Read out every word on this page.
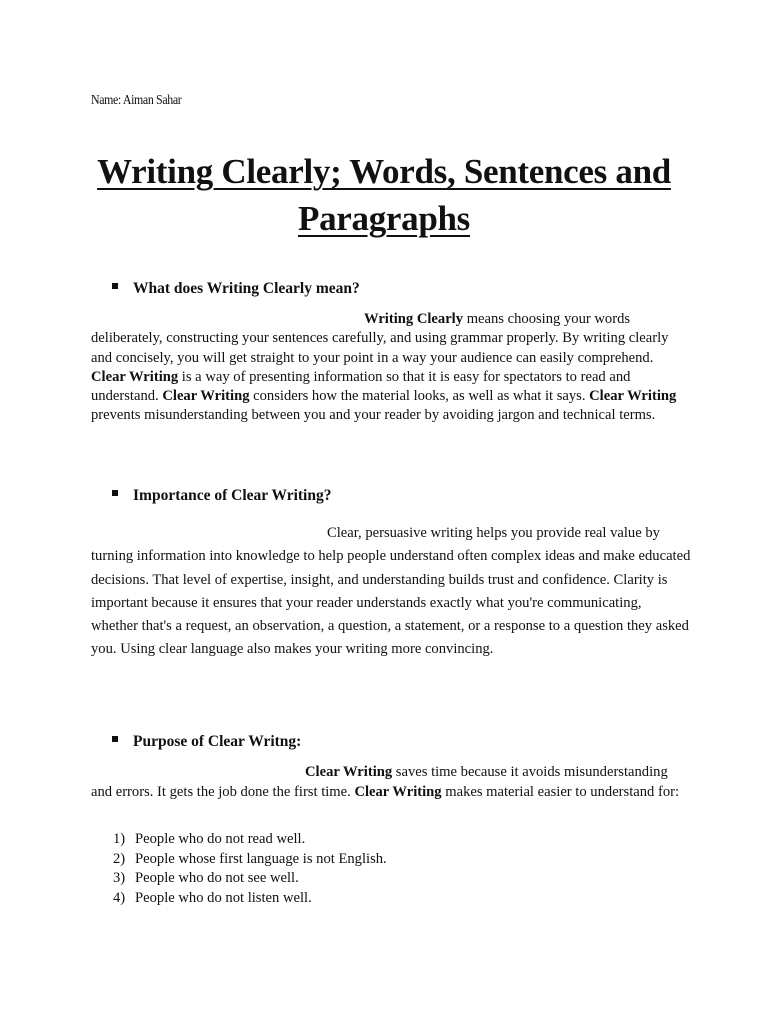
Name: Aiman Sahar
Writing Clearly; Words, Sentences and
Paragraphs
What does Writing Clearly mean?

Writing Clearly means choosing your words deliberately, constructing your sentences carefully, and using grammar properly. By writing clearly and concisely, you will get straight to your point in a way your audience can easily comprehend. Clear Writing is a way of presenting information so that it is easy for spectators to read and understand. Clear Writing considers how the material looks, as well as what it says. Clear Writing prevents misunderstanding between you and your reader by avoiding jargon and technical terms.

Importance of Clear Writing?

Clear, persuasive writing helps you provide real value by turning information into knowledge to help people understand often complex ideas and make educated decisions. That level of expertise, insight, and understanding builds trust and confidence. Clarity is important because it ensures that your reader understands exactly what you're communicating, whether that's a request, an observation, a question, a statement, or a response to a question they asked you. Using clear language also makes your writing more convincing.

Purpose of Clear Writng:

Clear Writing saves time because it avoids misunderstanding and errors. It gets the job done the first time. Clear Writing makes material easier to understand for:

1) People who do not read well.
2) People whose first language is not English.
3) People who do not see well.
4) People who do not listen well.
